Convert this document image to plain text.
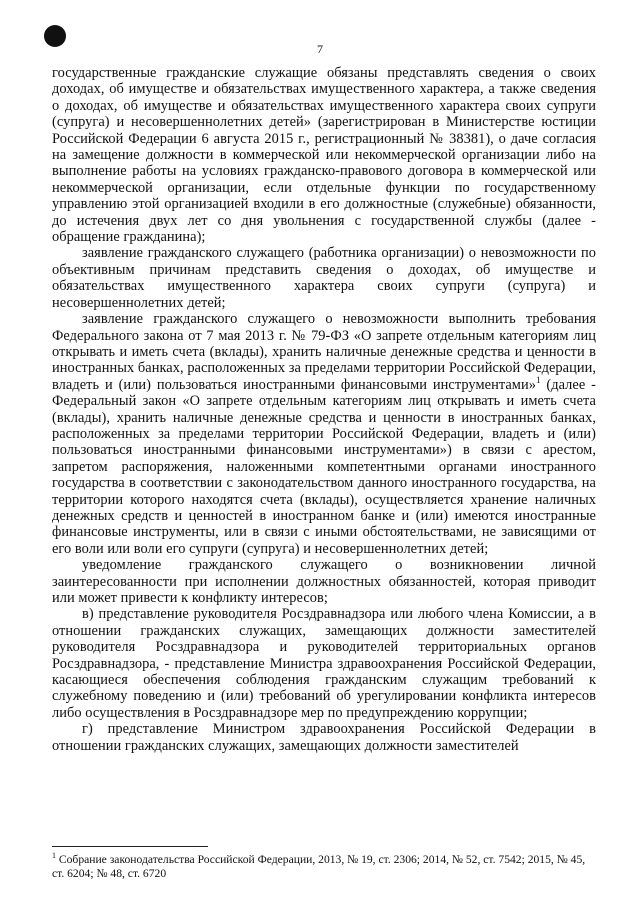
7

государственные гражданские служащие обязаны представлять сведения о своих доходах, об имуществе и обязательствах имущественного характера, а также сведения о доходах, об имуществе и обязательствах имущественного характера своих супруги (супруга) и несовершеннолетних детей» (зарегистрирован в Министерстве юстиции Российской Федерации 6 августа 2015 г., регистрационный № 38381), о даче согласия на замещение должности в коммерческой или некоммерческой организации либо на выполнение работы на условиях гражданско-правового договора в коммерческой или некоммерческой организации, если отдельные функции по государственному управлению этой организацией входили в его должностные (служебные) обязанности, до истечения двух лет со дня увольнения с государственной службы (далее - обращение гражданина);

заявление гражданского служащего (работника организации) о невозможности по объективным причинам представить сведения о доходах, об имуществе и обязательствах имущественного характера своих супруги (супруга) и несовершеннолетних детей;

заявление гражданского служащего о невозможности выполнить требования Федерального закона от 7 мая 2013 г. № 79-ФЗ «О запрете отдельным категориям лиц открывать и иметь счета (вклады), хранить наличные денежные средства и ценности в иностранных банках, расположенных за пределами территории Российской Федерации, владеть и (или) пользоваться иностранными финансовыми инструментами»$^1$ (далее - Федеральный закон «О запрете отдельным категориям лиц открывать и иметь счета (вклады), хранить наличные денежные средства и ценности в иностранных банках, расположенных за пределами территории Российской Федерации, владеть и (или) пользоваться иностранными финансовыми инструментами») в связи с арестом, запретом распоряжения, наложенными компетентными органами иностранного государства в соответствии с законодательством данного иностранного государства, на территории которого находятся счета (вклады), осуществляется хранение наличных денежных средств и ценностей в иностранном банке и (или) имеются иностранные финансовые инструменты, или в связи с иными обстоятельствами, не зависящими от его воли или воли его супруги (супруга) и несовершеннолетних детей;

уведомление гражданского служащего о возникновении личной заинтересованности при исполнении должностных обязанностей, которая приводит или может привести к конфликту интересов;

в) представление руководителя Росздравнадзора или любого члена Комиссии, а в отношении гражданских служащих, замещающих должности заместителей руководителя Росздравнадзора и руководителей территориальных органов Росздравнадзора, - представление Министра здравоохранения Российской Федерации, касающиеся обеспечения соблюдения гражданским служащим требований к служебному поведению и (или) требований об урегулировании конфликта интересов либо осуществления в Росздравнадзоре мер по предупреждению коррупции;

г) представление Министром здравоохранения Российской Федерации в отношении гражданских служащих, замещающих должности заместителей

$^1$ Собрание законодательства Российской Федерации, 2013, № 19, ст. 2306; 2014, № 52, ст. 7542; 2015, № 45, ст. 6204; № 48, ст. 6720
